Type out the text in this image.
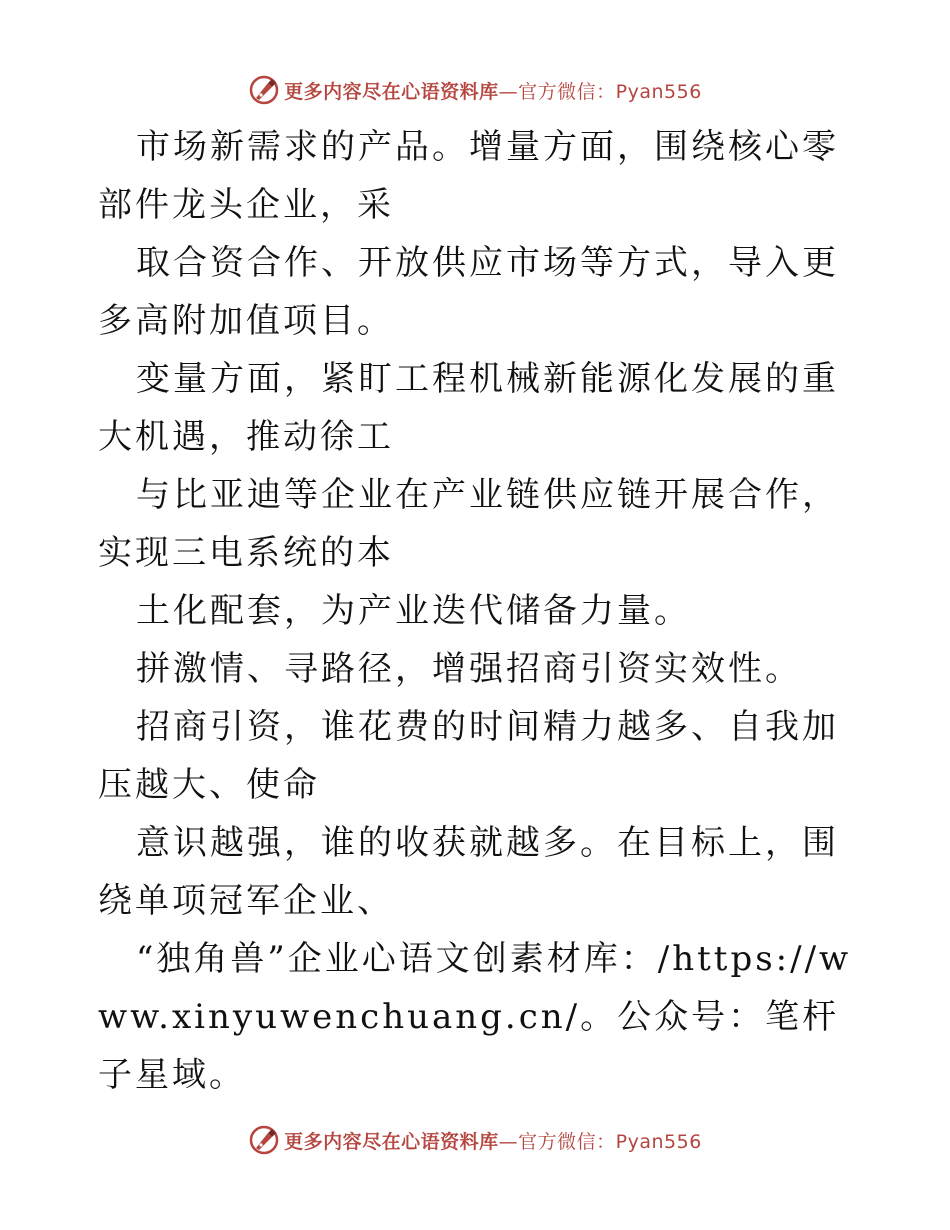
更多内容尽在心语资料库—官方微信：Pyan556

市场新需求的产品。增量方面，围绕核心零部件龙头企业，采

取合资合作、开放供应市场等方式，导入更多高附加值项目。

变量方面，紧盯工程机械新能源化发展的重大机遇，推动徐工

与比亚迪等企业在产业链供应链开展合作，实现三电系统的本

土化配套，为产业迭代储备力量。

拼激情、寻路径，增强招商引资实效性。

招商引资，谁花费的时间精力越多、自我加压越大、使命

意识越强，谁的收获就越多。在目标上，围绕单项冠军企业、

“独角兽”企业心语文创素材库：/https://www.xinyuwenchuang.cn/。公众号：笔杆子星域。

更多内容尽在心语资料库—官方微信：Pyan556
